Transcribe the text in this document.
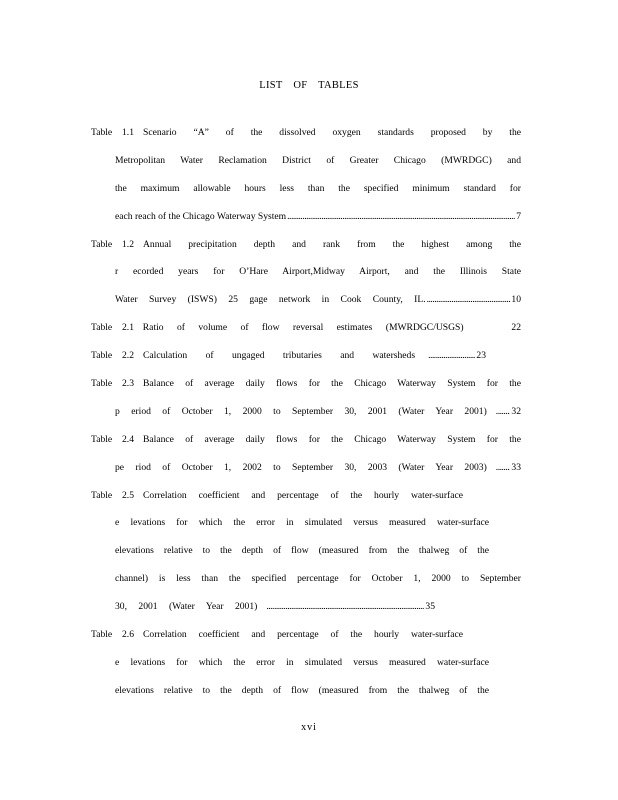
LIST OF TABLES
Table 1.1 Scenario “A” of the dissolved oxygen standards proposed by the
Metropolitan Water Reclamation District of Greater Chicago (MWRDGC) and
the maximum allowable hours less than the specified minimum standard for
each reach of the Chicago Waterway System .....	7
Table 1.2 Annual precipitation depth and rank from the highest among the
r ecorded years for O’Hare Airport,Midway Airport, and the Illinois State
Water Survey (ISWS) 25 gage network in Cook County, IL. .....	10
Table 2.1 Ratio of volume of flow reversal estimates (MWRDGC/USGS)	22
Table 2.2 Calculation of ungaged tributaries and watersheds .....	23
Table 2.3 Balance of average daily flows for the Chicago Waterway System for the
p eriod of October 1, 2000 to September 30, 2001 (Water Year 2001) .....	32
Table 2.4 Balance of average daily flows for the Chicago Waterway System for the
pe riod of October 1, 2002 to September 30, 2003 (Water Year 2003) .....	33
Table 2.5 Correlation coefficient and percentage of the hourly water-surface
e levations for which the error in simulated versus measured water-surface
elevations relative to the depth of flow (measured from the thalweg of the
channel) is less than the specified percentage for October 1, 2000 to September
30, 2001 (Water Year 2001) .....	35
Table 2.6 Correlation coefficient and percentage of the hourly water-surface
e levations for which the error in simulated versus measured water-surface
elevations relative to the depth of flow (measured from the thalweg of the
xvi
